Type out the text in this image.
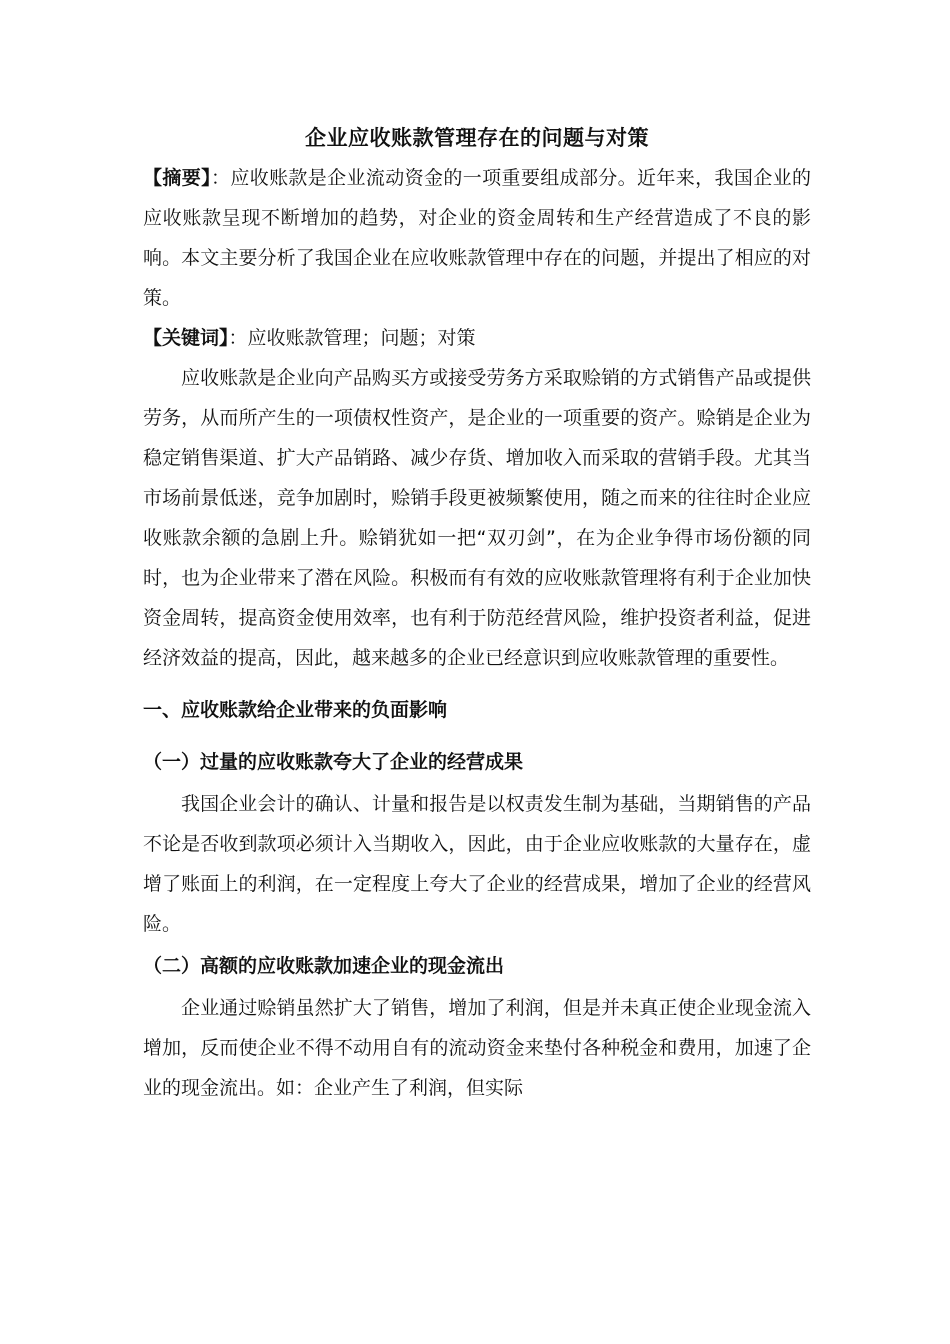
企业应收账款管理存在的问题与对策

【摘要】：应收账款是企业流动资金的一项重要组成部分。近年来，我国企业的应收账款呈现不断增加的趋势，对企业的资金周转和生产经营造成了不良的影响。本文主要分析了我国企业在应收账款管理中存在的问题，并提出了相应的对策。

【关键词】：应收账款管理；问题；对策

应收账款是企业向产品购买方或接受劳务方采取赊销的方式销售产品或提供劳务，从而所产生的一项债权性资产，是企业的一项重要的资产。赊销是企业为稳定销售渠道、扩大产品销路、减少存货、增加收入而采取的营销手段。尤其当市场前景低迷，竞争加剧时，赊销手段更被频繁使用，随之而来的往往时企业应收账款余额的急剧上升。赊销犹如一把“双刃剑”，在为企业争得市场份额的同时，也为企业带来了潜在风险。积极而有有效的应收账款管理将有利于企业加快资金周转，提高资金使用效率，也有利于防范经营风险，维护投资者利益，促进经济效益的提高，因此，越来越多的企业已经意识到应收账款管理的重要性。

一、应收账款给企业带来的负面影响
（一）过量的应收账款夸大了企业的经营成果

我国企业会计的确认、计量和报告是以权责发生制为基础，当期销售的产品不论是否收到款项必须计入当期收入，因此，由于企业应收账款的大量存在，虚增了账面上的利润，在一定程度上夸大了企业的经营成果，增加了企业的经营风险。

（二）高额的应收账款加速企业的现金流出

企业通过赊销虽然扩大了销售，增加了利润，但是并未真正使企业现金流入增加，反而使企业不得不动用自有的流动资金来垫付各种税金和费用，加速了企业的现金流出。如：企业产生了利润，但实际
